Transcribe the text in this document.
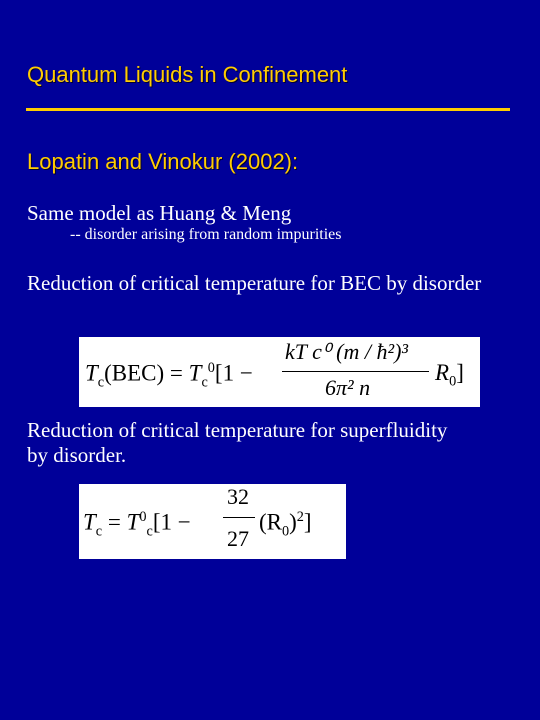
Quantum Liquids in Confinement
Lopatin and Vinokur (2002):
Same model as Huang & Meng
-- disorder arising from random impurities
Reduction of critical temperature for BEC by disorder
$T_c(BEC) = T_c^0[1$ −
kT c⁰ (m / ħ²)³
6π² n
$R_0$]
Reduction of critical temperature for superfluidity by disorder.
$T_c = T^0_c[1$ −
32
27
$(R_0)^2$]
